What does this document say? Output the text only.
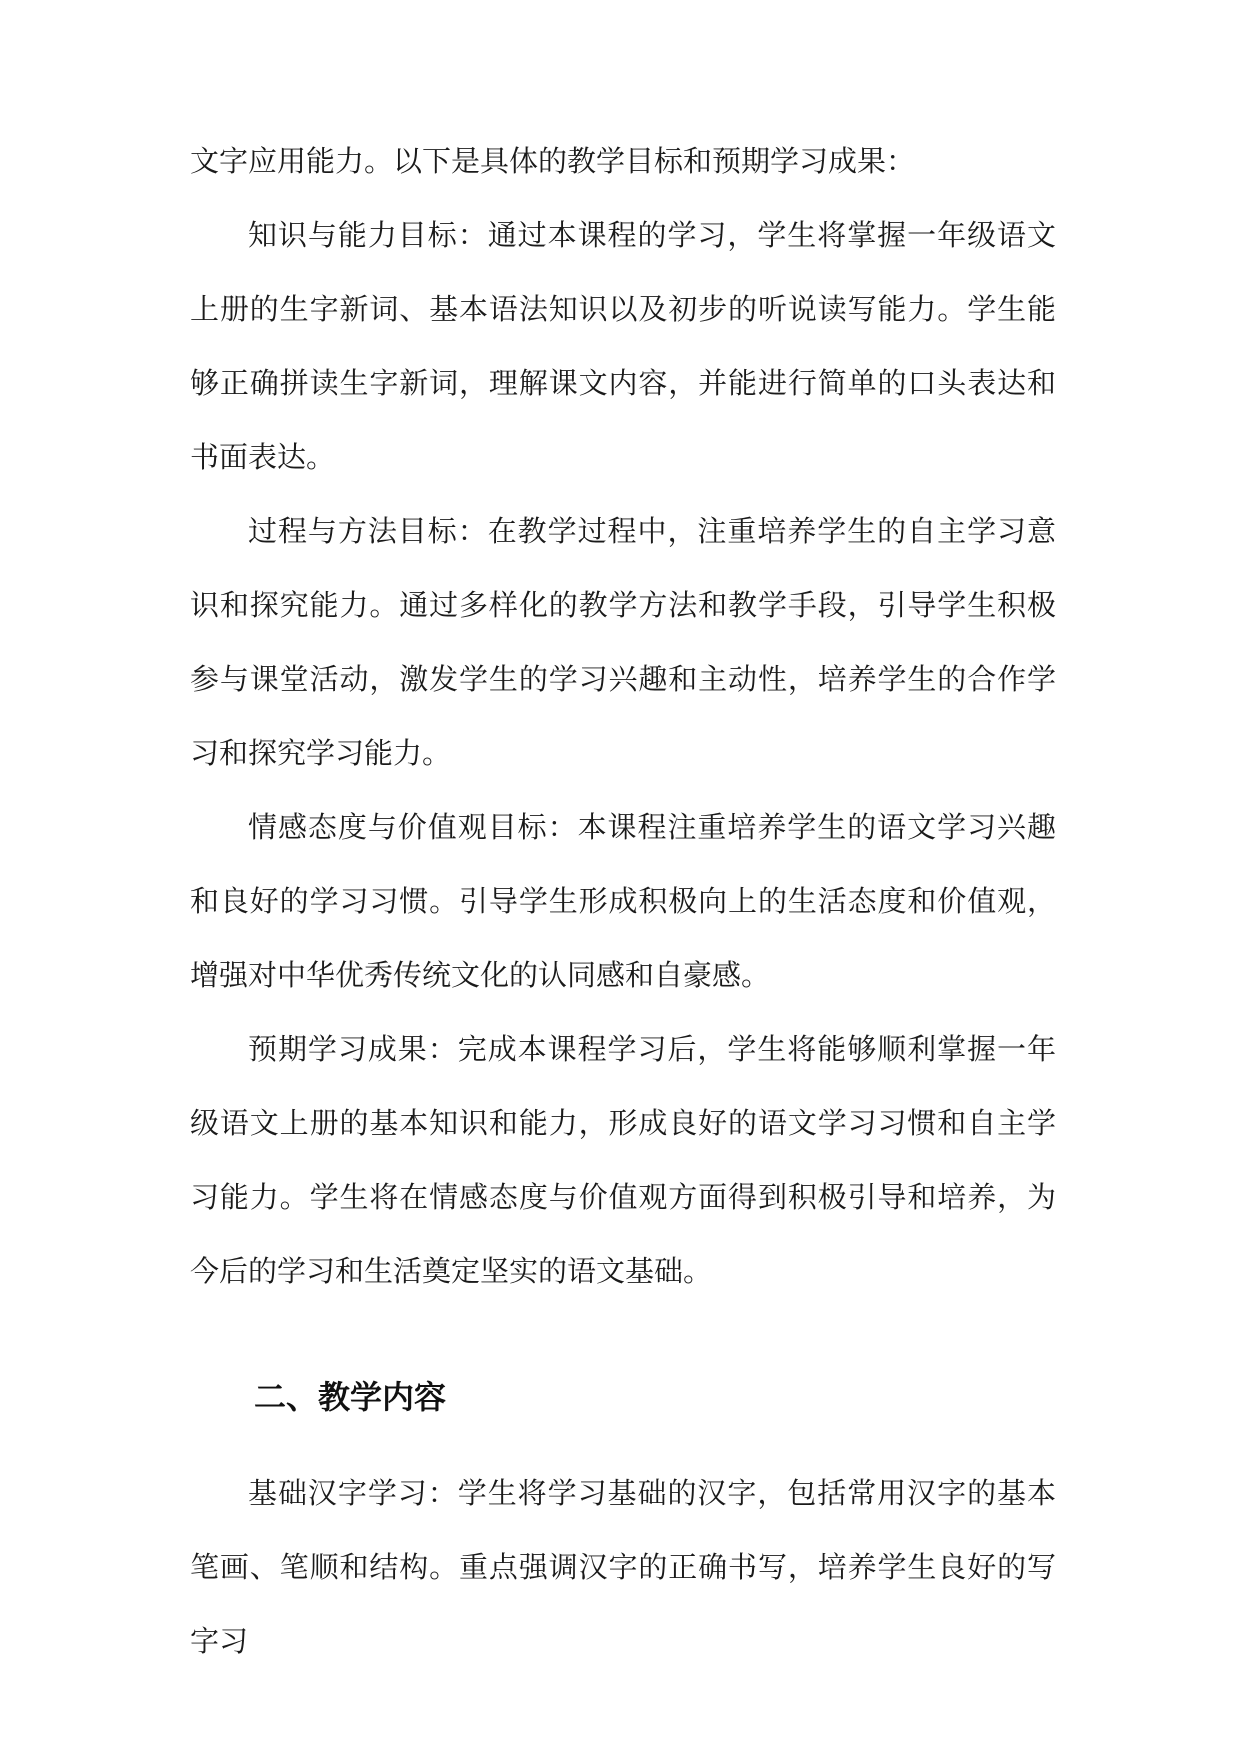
文字应用能力。以下是具体的教学目标和预期学习成果：

知识与能力目标：通过本课程的学习，学生将掌握一年级语文上册的生字新词、基本语法知识以及初步的听说读写能力。学生能够正确拼读生字新词，理解课文内容，并能进行简单的口头表达和书面表达。

过程与方法目标：在教学过程中，注重培养学生的自主学习意识和探究能力。通过多样化的教学方法和教学手段，引导学生积极参与课堂活动，激发学生的学习兴趣和主动性，培养学生的合作学习和探究学习能力。

情感态度与价值观目标：本课程注重培养学生的语文学习兴趣和良好的学习习惯。引导学生形成积极向上的生活态度和价值观，增强对中华优秀传统文化的认同感和自豪感。

预期学习成果：完成本课程学习后，学生将能够顺利掌握一年级语文上册的基本知识和能力，形成良好的语文学习习惯和自主学习能力。学生将在情感态度与价值观方面得到积极引导和培养，为今后的学习和生活奠定坚实的语文基础。

二、教学内容

基础汉字学习：学生将学习基础的汉字，包括常用汉字的基本笔画、笔顺和结构。重点强调汉字的正确书写，培养学生良好的写字习
